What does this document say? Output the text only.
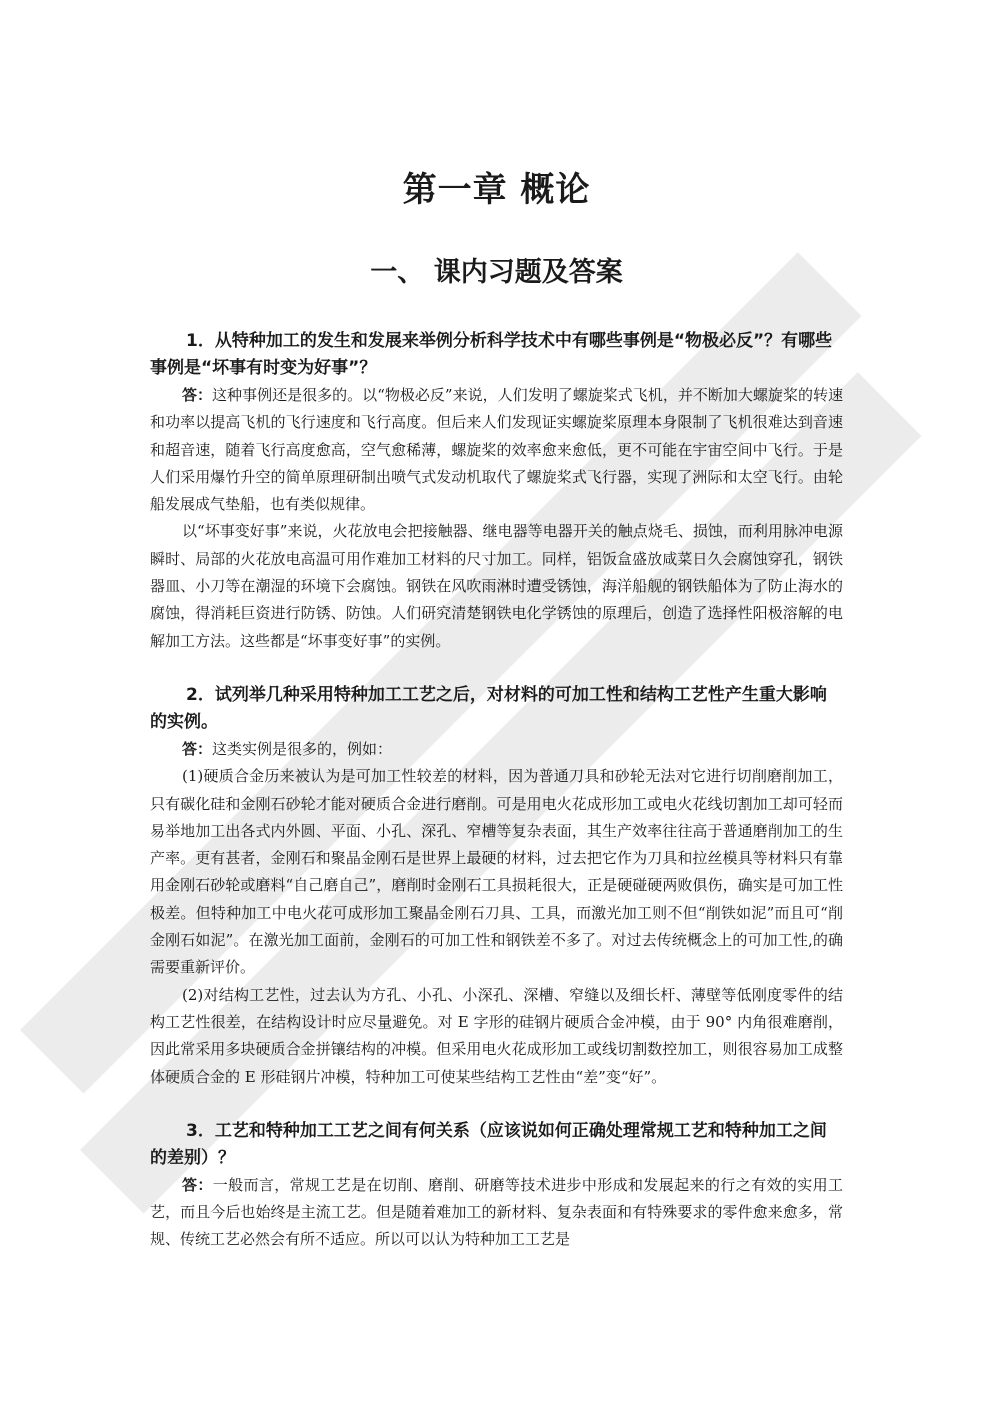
第一章 概论
一、 课内习题及答案

1．从特种加工的发生和发展来举例分析科学技术中有哪些事例是“物极必反”？有哪些事例是“坏事有时变为好事”？

答：这种事例还是很多的。以“物极必反”来说，人们发明了螺旋桨式飞机，并不断加大螺旋桨的转速和功率以提高飞机的飞行速度和飞行高度。但后来人们发现证实螺旋桨原理本身限制了飞机很难达到音速和超音速，随着飞行高度愈高，空气愈稀薄，螺旋桨的效率愈来愈低，更不可能在宇宙空间中飞行。于是人们采用爆竹升空的简单原理研制出喷气式发动机取代了螺旋桨式飞行器，实现了洲际和太空飞行。由轮船发展成气垫船，也有类似规律。

以“坏事变好事”来说，火花放电会把接触器、继电器等电器开关的触点烧毛、损蚀，而利用脉冲电源瞬时、局部的火花放电高温可用作难加工材料的尺寸加工。同样，铝饭盒盛放咸菜日久会腐蚀穿孔，钢铁器皿、小刀等在潮湿的环境下会腐蚀。钢铁在风吹雨淋时遭受锈蚀，海洋船舰的钢铁船体为了防止海水的腐蚀，得消耗巨资进行防锈、防蚀。人们研究清楚钢铁电化学锈蚀的原理后，创造了选择性阳极溶解的电解加工方法。这些都是“坏事变好事”的实例。

2．试列举几种采用特种加工工艺之后，对材料的可加工性和结构工艺性产生重大影响的实例。

答：这类实例是很多的，例如：

(1)硬质合金历来被认为是可加工性较差的材料，因为普通刀具和砂轮无法对它进行切削磨削加工，只有碳化硅和金刚石砂轮才能对硬质合金进行磨削。可是用电火花成形加工或电火花线切割加工却可轻而易举地加工出各式内外圆、平面、小孔、深孔、窄槽等复杂表面，其生产效率往往高于普通磨削加工的生产率。更有甚者，金刚石和聚晶金刚石是世界上最硬的材料，过去把它作为刀具和拉丝模具等材料只有靠用金刚石砂轮或磨料“自己磨自己”，磨削时金刚石工具损耗很大，正是硬碰硬两败俱伤，确实是可加工性极差。但特种加工中电火花可成形加工聚晶金刚石刀具、工具，而激光加工则不但“削铁如泥”而且可“削金刚石如泥”。在激光加工面前，金刚石的可加工性和钢铁差不多了。对过去传统概念上的可加工性,的确需要重新评价。

(2)对结构工艺性，过去认为方孔、小孔、小深孔、深槽、窄缝以及细长杆、薄壁等低刚度零件的结构工艺性很差，在结构设计时应尽量避免。对 E 字形的硅钢片硬质合金冲模，由于 90° 内角很难磨削，因此常采用多块硬质合金拼镶结构的冲模。但采用电火花成形加工或线切割数控加工，则很容易加工成整体硬质合金的 E 形硅钢片冲模，特种加工可使某些结构工艺性由“差”变“好”。

3．工艺和特种加工工艺之间有何关系（应该说如何正确处理常规工艺和特种加工之间的差别）？

答：一般而言，常规工艺是在切削、磨削、研磨等技术进步中形成和发展起来的行之有效的实用工艺，而且今后也始终是主流工艺。但是随着难加工的新材料、复杂表面和有特殊要求的零件愈来愈多，常规、传统工艺必然会有所不适应。所以可以认为特种加工工艺是
